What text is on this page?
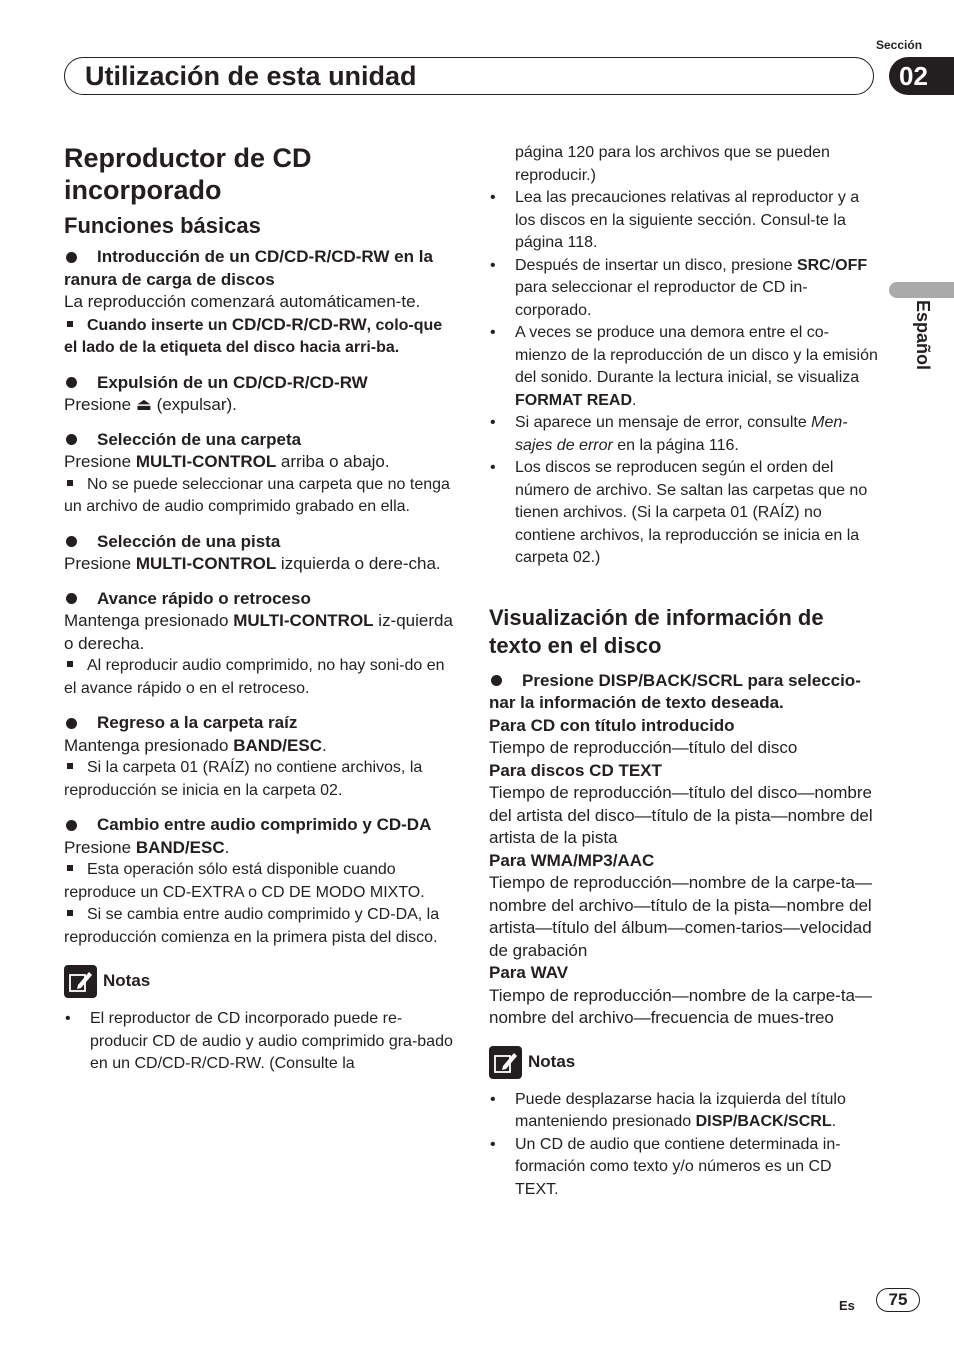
Sección
Utilización de esta unidad	02
Español

Reproductor de CD incorporado

Funciones básicas

Introducción de un CD/CD-R/CD-RW en la ranura de carga de discos

La reproducción comenzará automáticamen-te.

Cuando inserte un CD/CD-R/CD-RW, colo-que el lado de la etiqueta del disco hacia arri-ba.

Expulsión de un CD/CD-R/CD-RW

Presione ⏏ (expulsar).

Selección de una carpeta

Presione MULTI-CONTROL arriba o abajo.

No se puede seleccionar una carpeta que no tenga un archivo de audio comprimido grabado en ella.

Selección de una pista

Presione MULTI-CONTROL izquierda o dere-cha.

Avance rápido o retroceso

Mantenga presionado MULTI-CONTROL iz-quierda o derecha.

Al reproducir audio comprimido, no hay soni-do en el avance rápido o en el retroceso.

Regreso a la carpeta raíz

Mantenga presionado BAND/ESC.

Si la carpeta 01 (RAÍZ) no contiene archivos, la reproducción se inicia en la carpeta 02.

Cambio entre audio comprimido y CD-DA

Presione BAND/ESC.

Esta operación sólo está disponible cuando reproduce un CD-EXTRA o CD DE MODO MIXTO.

Si se cambia entre audio comprimido y CD-DA, la reproducción comienza en la primera pista del disco.

Notas

• El reproductor de CD incorporado puede re-producir CD de audio y audio comprimido gra-bado en un CD/CD-R/CD-RW. (Consulte la

página 120 para los archivos que se pueden reproducir.)

• Lea las precauciones relativas al reproductor y a los discos en la siguiente sección. Consul-te la página 118.

• Después de insertar un disco, presione SRC/OFF para seleccionar el reproductor de CD in-corporado.

• A veces se produce una demora entre el co-mienzo de la reproducción de un disco y la emisión del sonido. Durante la lectura inicial, se visualiza FORMAT READ.

• Si aparece un mensaje de error, consulte Men-sajes de error en la página 116.

• Los discos se reproducen según el orden del número de archivo. Se saltan las carpetas que no tienen archivos. (Si la carpeta 01 (RAÍZ) no contiene archivos, la reproducción se inicia en la carpeta 02.)

Visualización de información de texto en el disco

Presione DISP/BACK/SCRL para seleccio-nar la información de texto deseada.

Para CD con título introducido

Tiempo de reproducción—título del disco

Para discos CD TEXT

Tiempo de reproducción—título del disco—nombre del artista del disco—título de la pista—nombre del artista de la pista

Para WMA/MP3/AAC

Tiempo de reproducción—nombre de la carpe-ta—nombre del archivo—título de la pista—nombre del artista—título del álbum—comen-tarios—velocidad de grabación

Para WAV

Tiempo de reproducción—nombre de la carpe-ta—nombre del archivo—frecuencia de mues-treo

Notas

• Puede desplazarse hacia la izquierda del título manteniendo presionado DISP/BACK/SCRL.

• Un CD de audio que contiene determinada in-formación como texto y/o números es un CD TEXT.

Es	75
